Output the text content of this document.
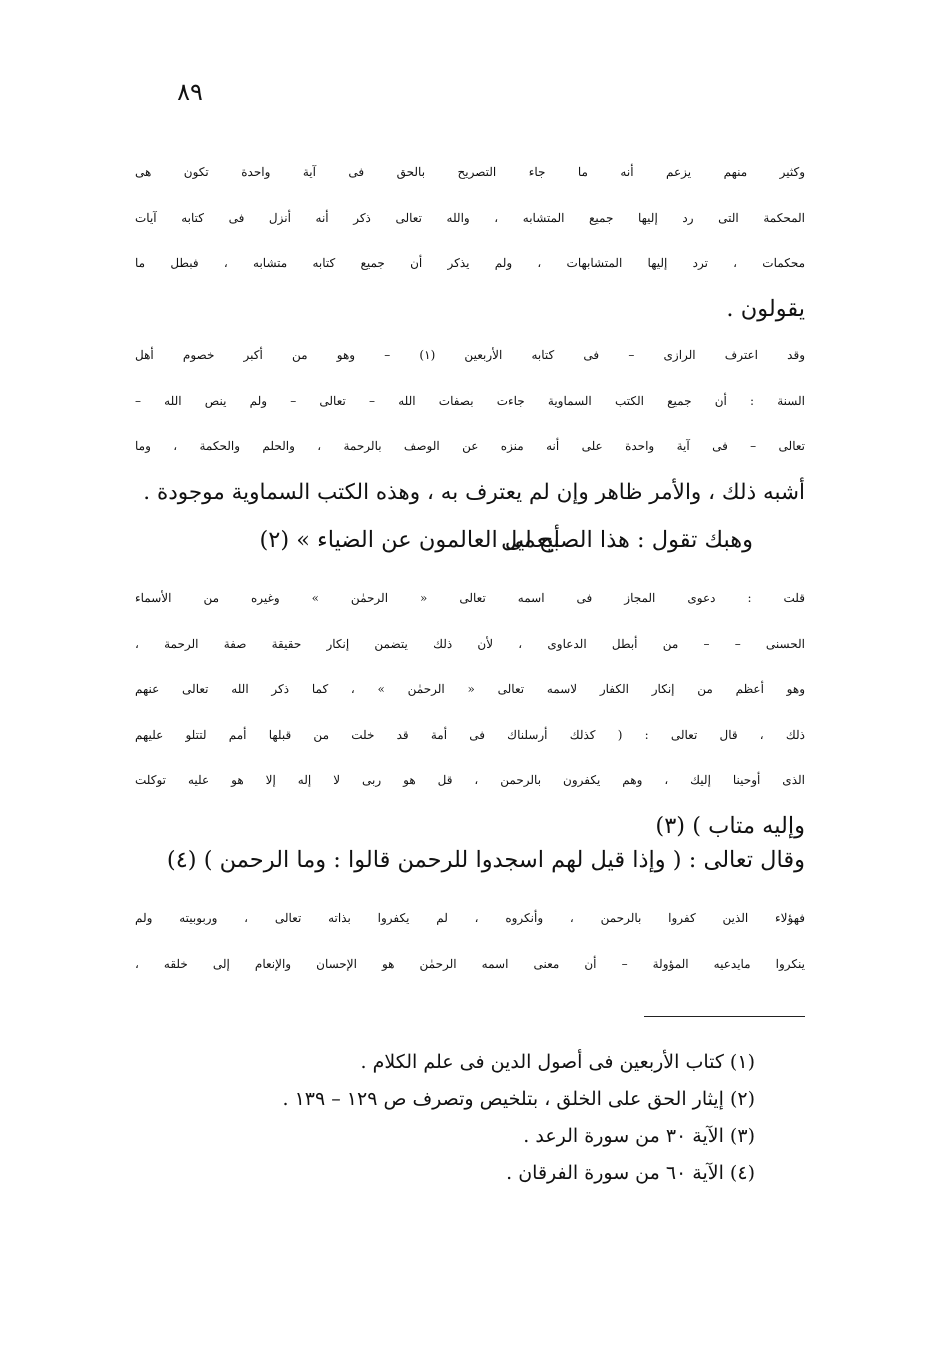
٨٩
وكثير منهم يزعم أنه ما جاء التصريح بالحق فى آية واحدة تكون هى
المحكمة التى رد إليها جميع المتشابه ، والله تعالى ذكر أنه أنزل فى كتابه آيات
محكمات ، ترد إليها المتشابهات ، ولم يذكر أن جميع كتابه متشابه ، فبطل ما
يقولون .
وقد اعترف الرازى – فى كتابه الأربعين (١) – وهو من أكبر خصوم أهل
السنة : أن جميع الكتب السماوية جاءت بصفات الله – تعالى – ولم ينص الله –
تعالى – فى آية واحدة على أنه منزه عن الوصف بالرحمة ، والحلم والحكمة ، وما
أشبه ذلك ، والأمر ظاهر وإن لم يعترف به ، وهذه الكتب السماوية موجودة .
وهبك تقول : هذا الصبح ليل
أيعمى العالمون عن الضياء » (٢)
قلت : دعوى المجاز فى اسمه تعالى « الرحمٰن » وغيره من الأسماء
الحسنى – – من أبطل الدعاوى ، لأن ذلك يتضمن إنكار حقيقة صفة الرحمة ،
وهو أعظم من إنكار الكفار لاسمه تعالى « الرحمٰن » ، كما ذكر الله تعالى عنهم
ذلك ، قال تعالى : ( كذلك أرسلناك فى أمة قد خلت من قبلها أمم لتتلو عليهم
الذى أوحينا إليك ، وهم يكفرون بالرحمن ، قل هو ربى لا إله إلا هو عليه توكلت
وإليه متاب ) (٣)
وقال تعالى : ( وإذا قيل لهم اسجدوا للرحمن قالوا : وما الرحمن ) (٤)
فهؤلاء الذين كفروا بالرحمن ، وأنكروه ، لم يكفروا بذاته تعالى ، وربوبيته ولم
ينكروا مايدعيه المؤولة – أن معنى اسمه الرحمٰن هو الإحسان والإنعام إلى خلقه ،
(١) كتاب الأربعين فى أصول الدين فى علم الكلام .
(٢) إيثار الحق على الخلق ، بتلخيص وتصرف ص ١٢٩ – ١٣٩ .
(٣) الآية ٣٠ من سورة الرعد .
(٤) الآية ٦٠ من سورة الفرقان .
